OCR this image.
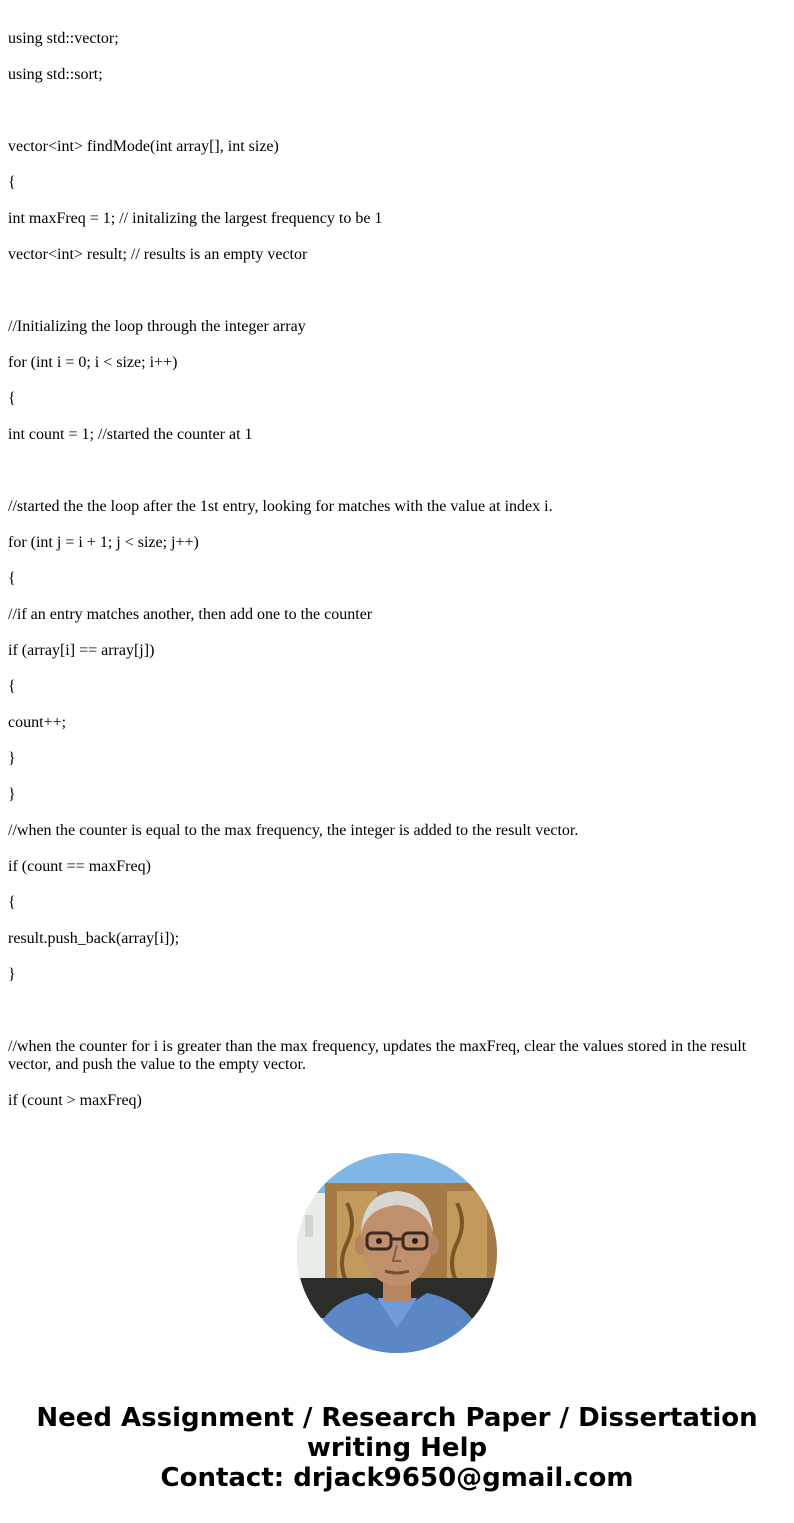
using std::vector;

using std::sort;

vector<int> findMode(int array[], int size)

{

int maxFreq = 1; // initalizing the largest frequency to be 1

vector<int> result; // results is an empty vector

//Initializing the loop through the integer array

for (int i = 0; i < size; i++)

{

int count = 1; //started the counter at 1

//started the the loop after the 1st entry, looking for matches with the value at index i.

for (int j = i + 1; j < size; j++)

{

//if an entry matches another, then add one to the counter

if (array[i] == array[j])

{

count++;

}

}

//when the counter is equal to the max frequency, the integer is added to the result vector.

if (count == maxFreq)

{

result.push_back(array[i]);

}

//when the counter for i is greater than the max frequency, updates the maxFreq, clear the values stored in the result vector, and push the value to the empty vector.

if (count > maxFreq)

Need Assignment / Research Paper / Dissertation
writing Help
Contact: drjack9650@gmail.com
